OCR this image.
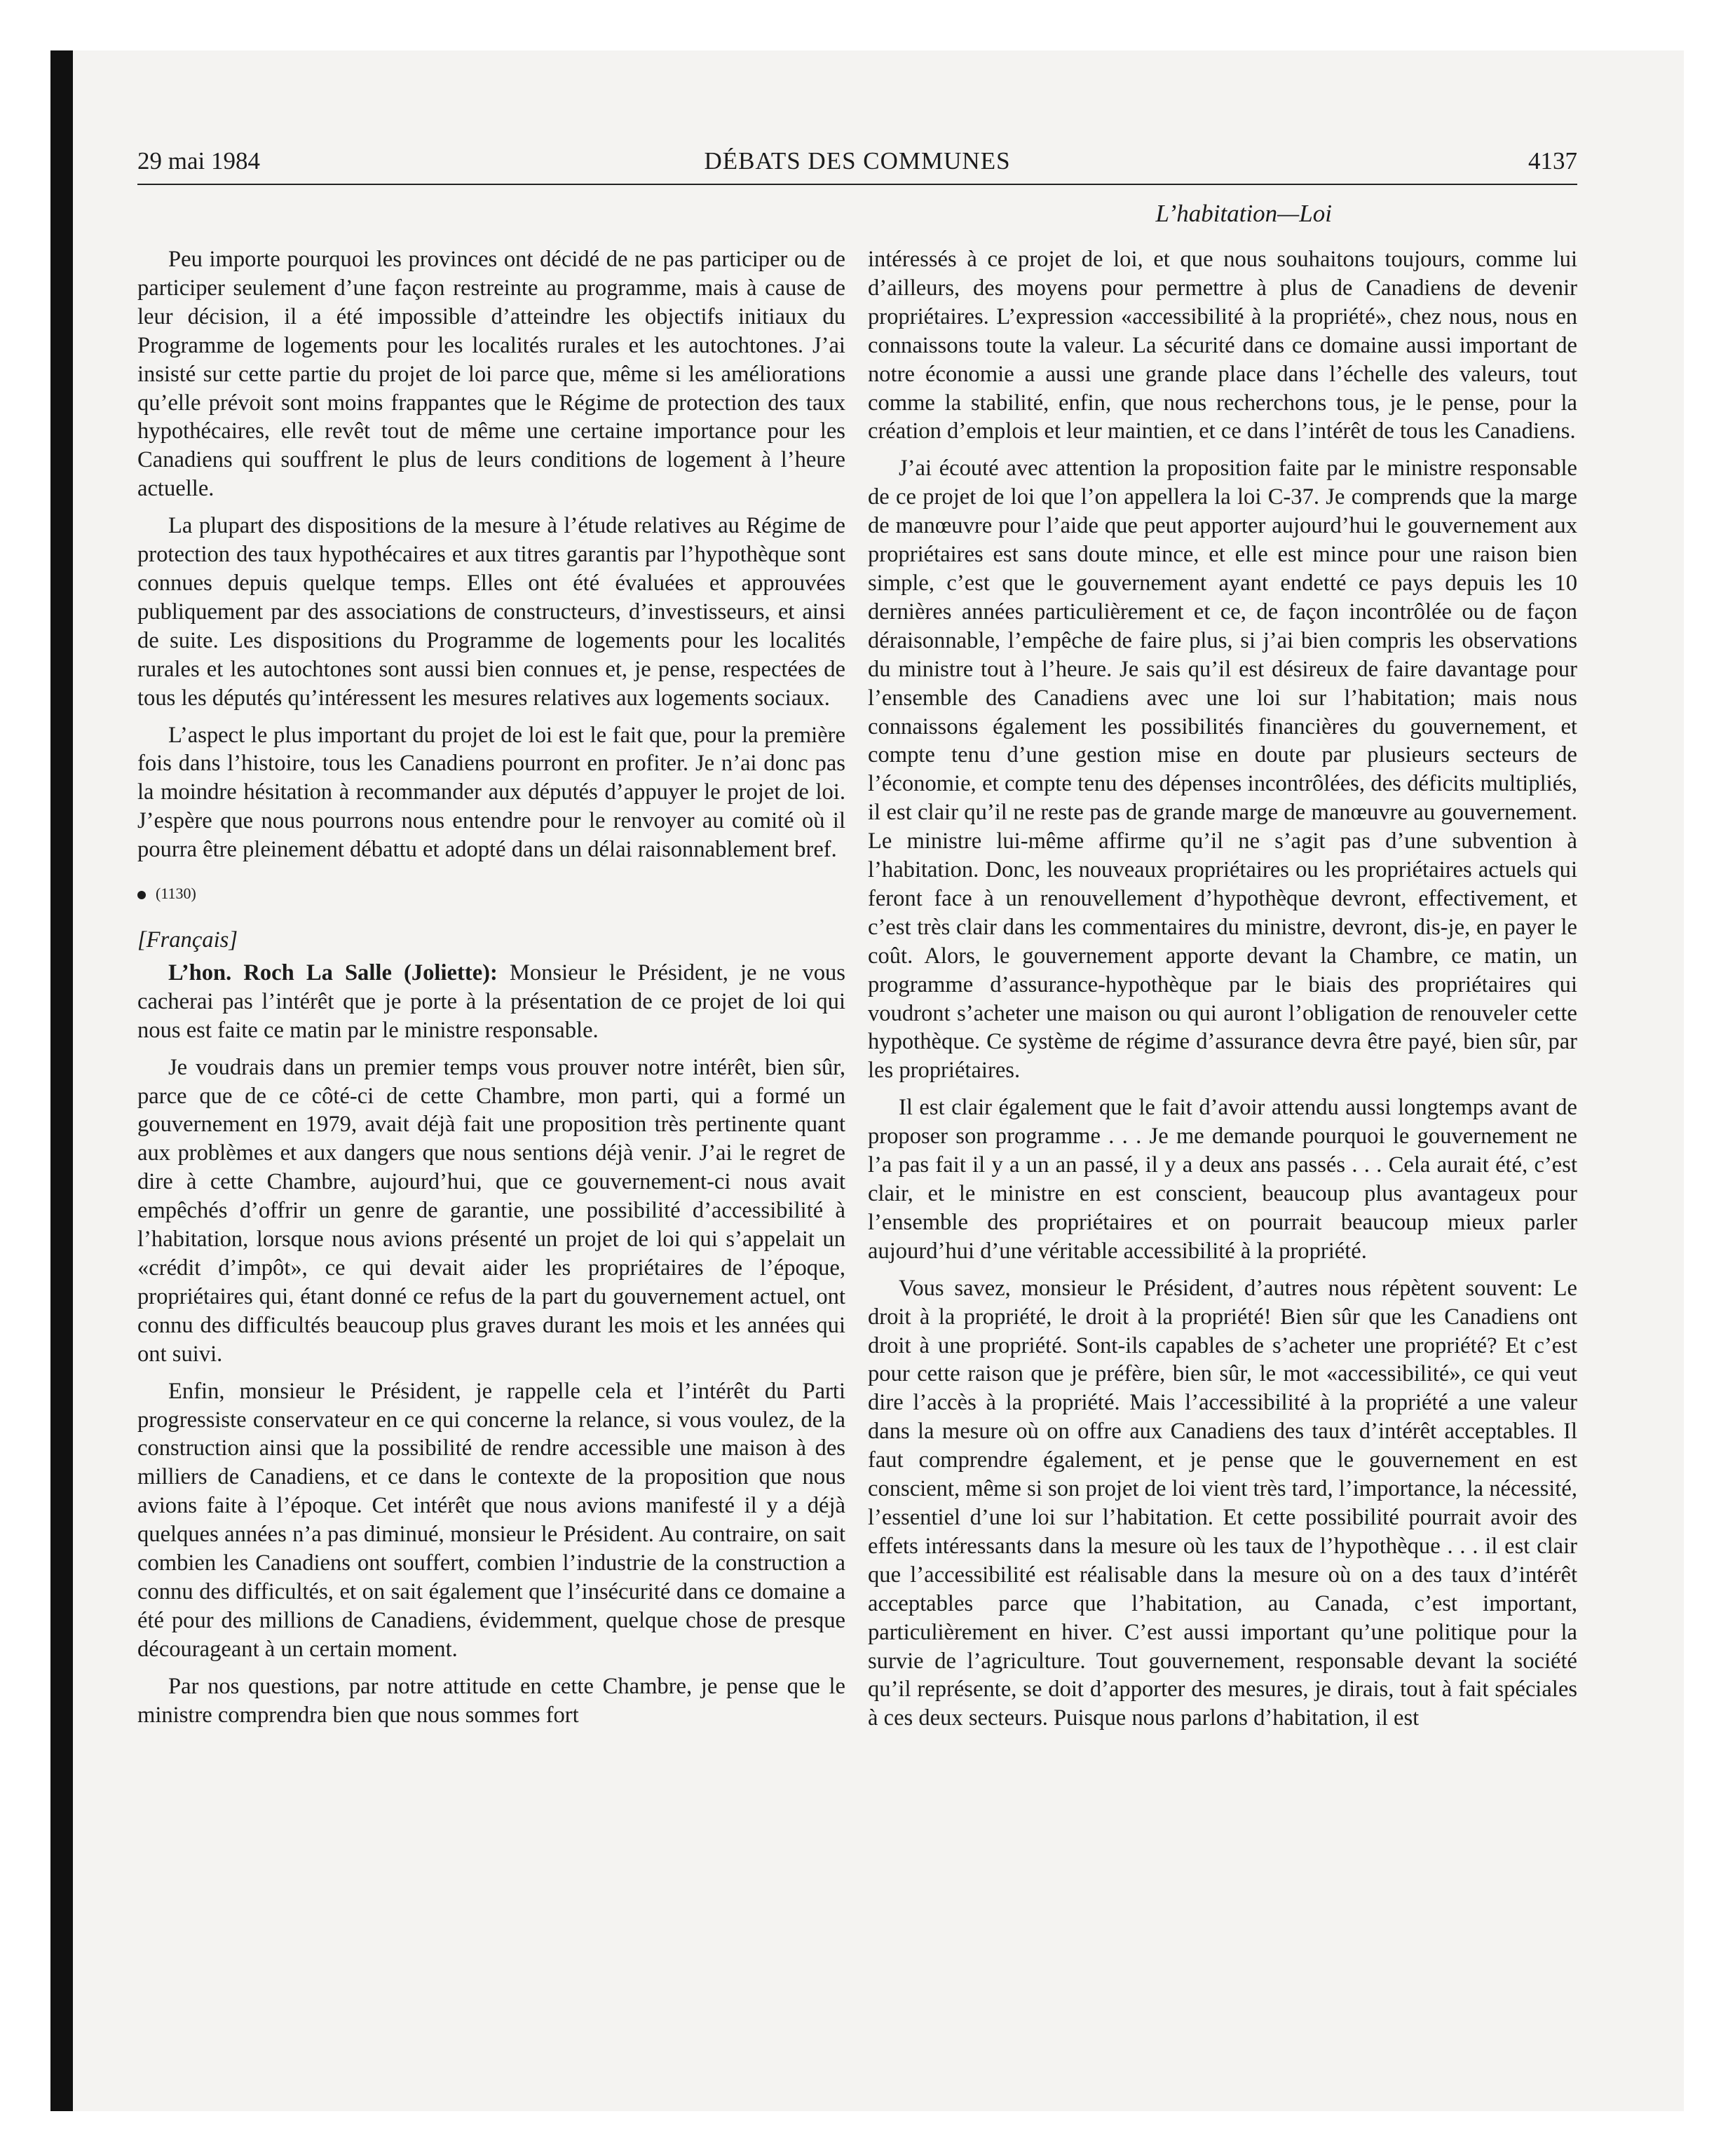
29 mai 1984	DÉBATS DES COMMUNES	4137
L’habitation—Loi

Peu importe pourquoi les provinces ont décidé de ne pas participer ou de participer seulement d’une façon restreinte au programme, mais à cause de leur décision, il a été impossible d’atteindre les objectifs initiaux du Programme de logements pour les localités rurales et les autochtones. J’ai insisté sur cette partie du projet de loi parce que, même si les améliorations qu’elle prévoit sont moins frappantes que le Régime de protection des taux hypothécaires, elle revêt tout de même une certaine importance pour les Canadiens qui souffrent le plus de leurs conditions de logement à l’heure actuelle.

La plupart des dispositions de la mesure à l’étude relatives au Régime de protection des taux hypothécaires et aux titres garantis par l’hypothèque sont connues depuis quelque temps. Elles ont été évaluées et approuvées publiquement par des associations de constructeurs, d’investisseurs, et ainsi de suite. Les dispositions du Programme de logements pour les localités rurales et les autochtones sont aussi bien connues et, je pense, respectées de tous les députés qu’intéressent les mesures relatives aux logements sociaux.

L’aspect le plus important du projet de loi est le fait que, pour la première fois dans l’histoire, tous les Canadiens pourront en profiter. Je n’ai donc pas la moindre hésitation à recommander aux députés d’appuyer le projet de loi. J’espère que nous pourrons nous entendre pour le renvoyer au comité où il pourra être pleinement débattu et adopté dans un délai raisonnablement bref.

(1130)
[Français]

L’hon. Roch La Salle (Joliette): Monsieur le Président, je ne vous cacherai pas l’intérêt que je porte à la présentation de ce projet de loi qui nous est faite ce matin par le ministre responsable.

Je voudrais dans un premier temps vous prouver notre intérêt, bien sûr, parce que de ce côté-ci de cette Chambre, mon parti, qui a formé un gouvernement en 1979, avait déjà fait une proposition très pertinente quant aux problèmes et aux dangers que nous sentions déjà venir. J’ai le regret de dire à cette Chambre, aujourd’hui, que ce gouvernement-ci nous avait empêchés d’offrir un genre de garantie, une possibilité d’accessibilité à l’habitation, lorsque nous avions présenté un projet de loi qui s’appelait un «crédit d’impôt», ce qui devait aider les propriétaires de l’époque, propriétaires qui, étant donné ce refus de la part du gouvernement actuel, ont connu des difficultés beaucoup plus graves durant les mois et les années qui ont suivi.

Enfin, monsieur le Président, je rappelle cela et l’intérêt du Parti progressiste conservateur en ce qui concerne la relance, si vous voulez, de la construction ainsi que la possibilité de rendre accessible une maison à des milliers de Canadiens, et ce dans le contexte de la proposition que nous avions faite à l’époque. Cet intérêt que nous avions manifesté il y a déjà quelques années n’a pas diminué, monsieur le Président. Au contraire, on sait combien les Canadiens ont souffert, combien l’industrie de la construction a connu des difficultés, et on sait également que l’insécurité dans ce domaine a été pour des millions de Canadiens, évidemment, quelque chose de presque décourageant à un certain moment.

Par nos questions, par notre attitude en cette Chambre, je pense que le ministre comprendra bien que nous sommes fort

intéressés à ce projet de loi, et que nous souhaitons toujours, comme lui d’ailleurs, des moyens pour permettre à plus de Canadiens de devenir propriétaires. L’expression «accessibilité à la propriété», chez nous, nous en connaissons toute la valeur. La sécurité dans ce domaine aussi important de notre économie a aussi une grande place dans l’échelle des valeurs, tout comme la stabilité, enfin, que nous recherchons tous, je le pense, pour la création d’emplois et leur maintien, et ce dans l’intérêt de tous les Canadiens.

J’ai écouté avec attention la proposition faite par le ministre responsable de ce projet de loi que l’on appellera la loi C-37. Je comprends que la marge de manœuvre pour l’aide que peut apporter aujourd’hui le gouvernement aux propriétaires est sans doute mince, et elle est mince pour une raison bien simple, c’est que le gouvernement ayant endetté ce pays depuis les 10 dernières années particulièrement et ce, de façon incontrôlée ou de façon déraisonnable, l’empêche de faire plus, si j’ai bien compris les observations du ministre tout à l’heure. Je sais qu’il est désireux de faire davantage pour l’ensemble des Canadiens avec une loi sur l’habitation; mais nous connaissons également les possibilités financières du gouvernement, et compte tenu d’une gestion mise en doute par plusieurs secteurs de l’économie, et compte tenu des dépenses incontrôlées, des déficits multipliés, il est clair qu’il ne reste pas de grande marge de manœuvre au gouvernement. Le ministre lui-même affirme qu’il ne s’agit pas d’une subvention à l’habitation. Donc, les nouveaux propriétaires ou les propriétaires actuels qui feront face à un renouvellement d’hypothèque devront, effectivement, et c’est très clair dans les commentaires du ministre, devront, dis-je, en payer le coût. Alors, le gouvernement apporte devant la Chambre, ce matin, un programme d’assurance-hypothèque par le biais des propriétaires qui voudront s’acheter une maison ou qui auront l’obligation de renouveler cette hypothèque. Ce système de régime d’assurance devra être payé, bien sûr, par les propriétaires.

Il est clair également que le fait d’avoir attendu aussi longtemps avant de proposer son programme . . . Je me demande pourquoi le gouvernement ne l’a pas fait il y a un an passé, il y a deux ans passés . . . Cela aurait été, c’est clair, et le ministre en est conscient, beaucoup plus avantageux pour l’ensemble des propriétaires et on pourrait beaucoup mieux parler aujourd’hui d’une véritable accessibilité à la propriété.

Vous savez, monsieur le Président, d’autres nous répètent souvent: Le droit à la propriété, le droit à la propriété! Bien sûr que les Canadiens ont droit à une propriété. Sont-ils capables de s’acheter une propriété? Et c’est pour cette raison que je préfère, bien sûr, le mot «accessibilité», ce qui veut dire l’accès à la propriété. Mais l’accessibilité à la propriété a une valeur dans la mesure où on offre aux Canadiens des taux d’intérêt acceptables. Il faut comprendre également, et je pense que le gouvernement en est conscient, même si son projet de loi vient très tard, l’importance, la nécessité, l’essentiel d’une loi sur l’habitation. Et cette possibilité pourrait avoir des effets intéressants dans la mesure où les taux de l’hypothèque . . . il est clair que l’accessibilité est réalisable dans la mesure où on a des taux d’intérêt acceptables parce que l’habitation, au Canada, c’est important, particulièrement en hiver. C’est aussi important qu’une politique pour la survie de l’agriculture. Tout gouvernement, responsable devant la société qu’il représente, se doit d’apporter des mesures, je dirais, tout à fait spéciales à ces deux secteurs. Puisque nous parlons d’habitation, il est
